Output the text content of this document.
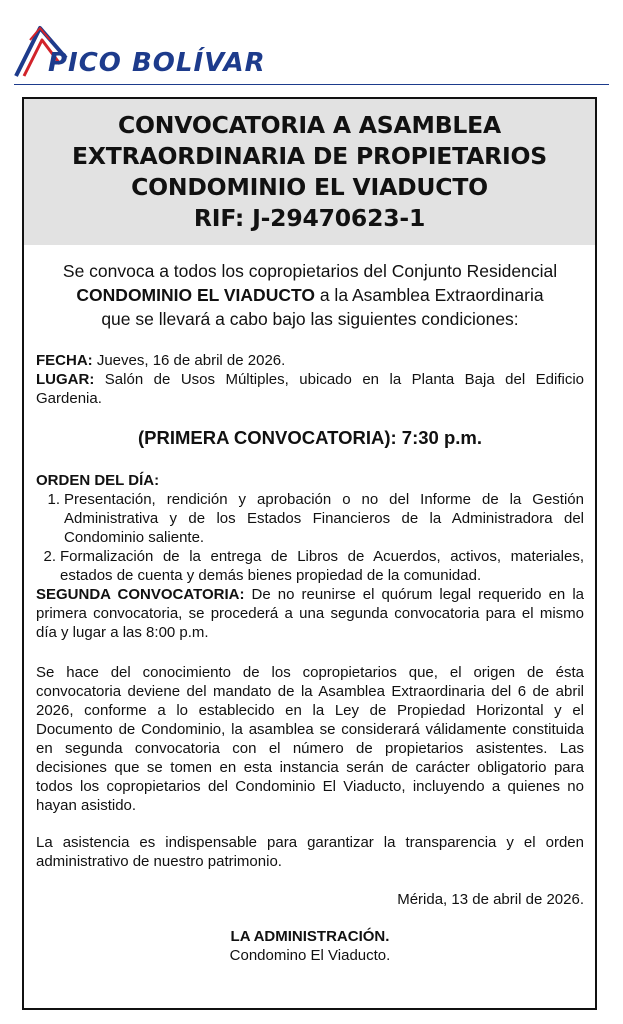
PICO BOLÍVAR
CONVOCATORIA A ASAMBLEA
EXTRAORDINARIA DE PROPIETARIOS
CONDOMINIO EL VIADUCTO
RIF: J-29470623-1
Se convoca a todos los copropietarios del Conjunto Residencial
CONDOMINIO EL VIADUCTO a la Asamblea Extraordinaria
que se llevará a cabo bajo las siguientes condiciones:

FECHA: Jueves, 16 de abril de 2026.

LUGAR: Salón de Usos Múltiples, ubicado en la Planta Baja del Edificio Gardenia.

(PRIMERA CONVOCATORIA): 7:30 p.m.

ORDEN DEL DÍA:

1. Presentación, rendición y aprobación o no del Informe de la Gestión Administrativa y de los Estados Financieros de la Administradora del Condominio saliente.
2. Formalización de la entrega de Libros de Acuerdos, activos, materiales, estados de cuenta y demás bienes propiedad de la comunidad.

SEGUNDA CONVOCATORIA: De no reunirse el quórum legal requerido en la primera convocatoria, se procederá a una segunda convocatoria para el mismo día y lugar a las 8:00 p.m.

Se hace del conocimiento de los copropietarios que, el origen de ésta convocatoria deviene del mandato de la Asamblea Extraordinaria del 6 de abril 2026, conforme a lo establecido en la Ley de Propiedad Horizontal y el Documento de Condominio, la asamblea se considerará válidamente constituida en segunda convocatoria con el número de propietarios asistentes. Las decisiones que se tomen en esta instancia serán de carácter obligatorio para todos los copropietarios del Condominio El Viaducto, incluyendo a quienes no hayan asistido.

La asistencia es indispensable para garantizar la transparencia y el orden administrativo de nuestro patrimonio.

Mérida, 13 de abril de 2026.

LA ADMINISTRACIÓN.

Condomino El Viaducto.
